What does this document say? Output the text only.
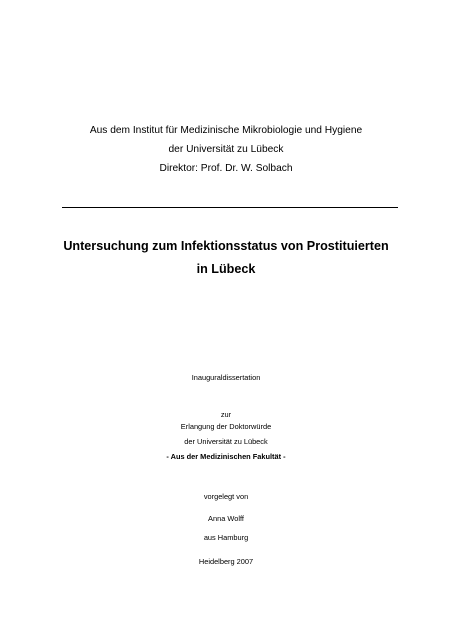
Aus dem Institut für Medizinische Mikrobiologie und Hygiene
der Universität zu Lübeck
Direktor: Prof. Dr. W. Solbach
Untersuchung zum Infektionsstatus von Prostituierten
in Lübeck
Inauguraldissertation
zur
Erlangung der Doktorwürde
der Universität zu Lübeck
- Aus der Medizinischen Fakultät -
vorgelegt von
Anna Wolff
aus Hamburg
Heidelberg 2007
